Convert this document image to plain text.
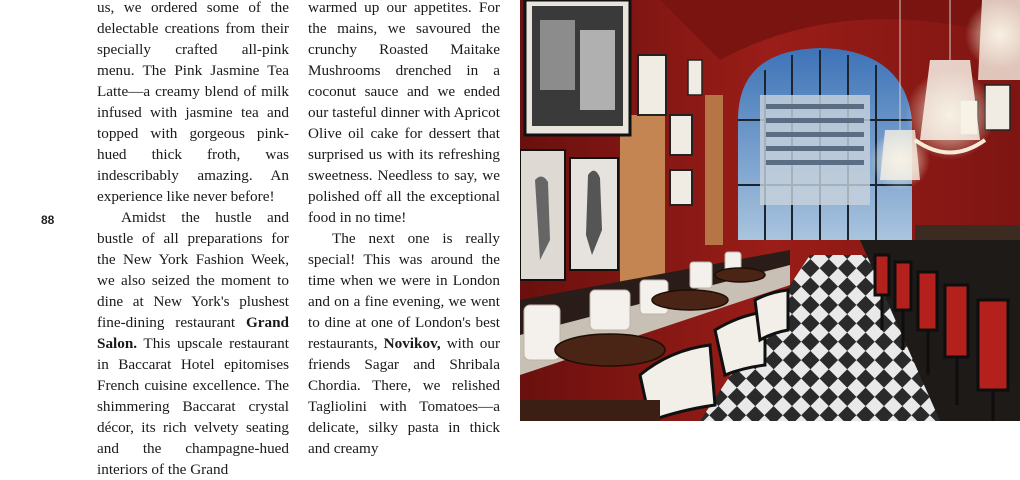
88

us, we ordered some of the delectable creations from their specially crafted all-pink menu. The Pink Jasmine Tea Latte—a creamy blend of milk infused with jasmine tea and topped with gorgeous pink-hued thick froth, was indescribably amazing. An experience like never before!

Amidst the hustle and bustle of all preparations for the New York Fashion Week, we also seized the moment to dine at New York's plushest fine-dining restaurant Grand Salon. This upscale restaurant in Baccarat Hotel epitomises French cuisine excellence. The shimmering Baccarat crystal décor, its rich velvety seating and the champagne-hued interiors of the Grand

warmed up our appetites. For the mains, we savoured the crunchy Roasted Maitake Mushrooms drenched in a coconut sauce and we ended our tasteful dinner with Apricot Olive oil cake for dessert that surprised us with its refreshing sweetness. Needless to say, we polished off all the exceptional food in no time!

The next one is really special! This was around the time when we were in London and on a fine evening, we went to dine at one of London's best restaurants, Novikov, with our friends Sagar and Shribala Chordia. There, we relished Tagliolini with Tomatoes—a delicate, silky pasta in thick and creamy
